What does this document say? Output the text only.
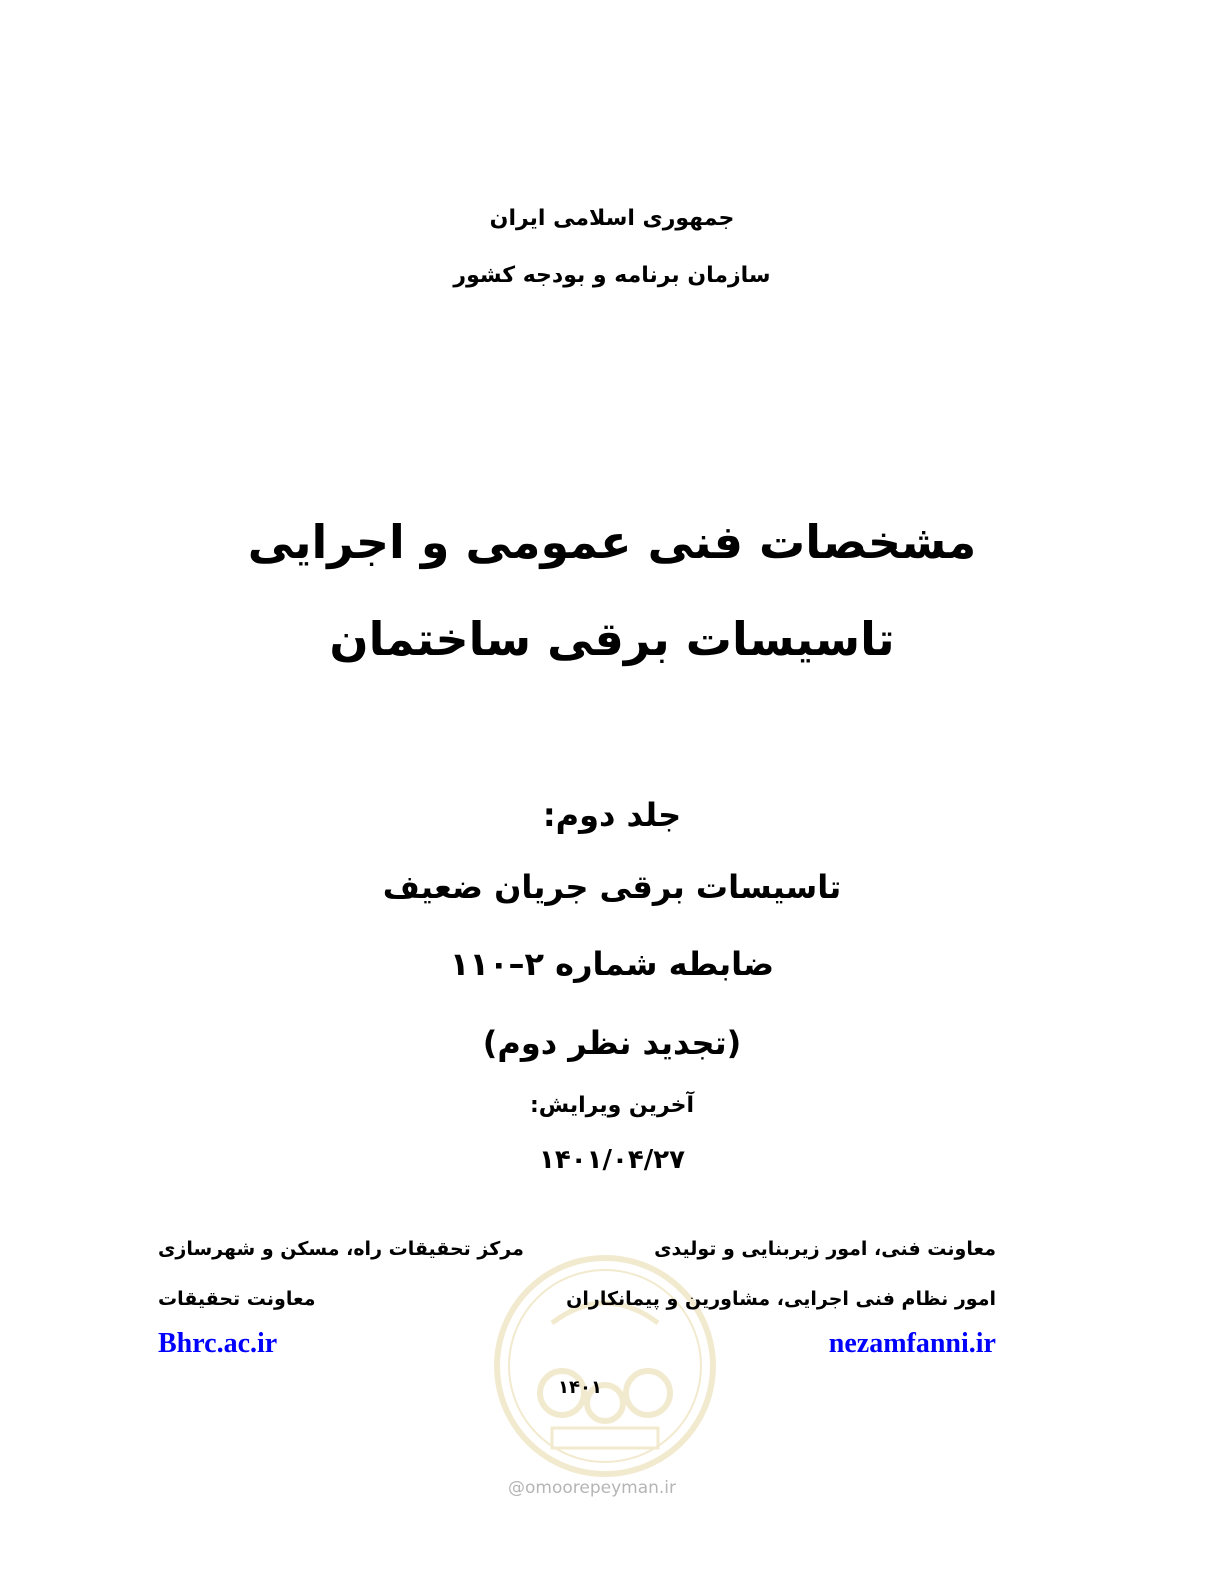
جمهوری اسلامی ایران
سازمان برنامه و بودجه کشور
مشخصات فنی عمومی و اجرایی
تاسیسات برقی ساختمان
جلد دوم:
تاسیسات برقی جریان ضعیف
ضابطه شماره ۲–۱۱۰
(تجدید نظر دوم)
آخرین ویرایش:
۱۴۰۱/۰۴/۲۷
معاونت فنی، امور زیربنایی و تولیدی
امور نظام فنی اجرایی، مشاورین و پیمانکاران
مرکز تحقیقات راه، مسکن و شهرسازی
معاونت تحقیقات
Bhrc.ac.ir	nezamfanni.ir
۱۴۰۱
@omoorepeyman.ir
